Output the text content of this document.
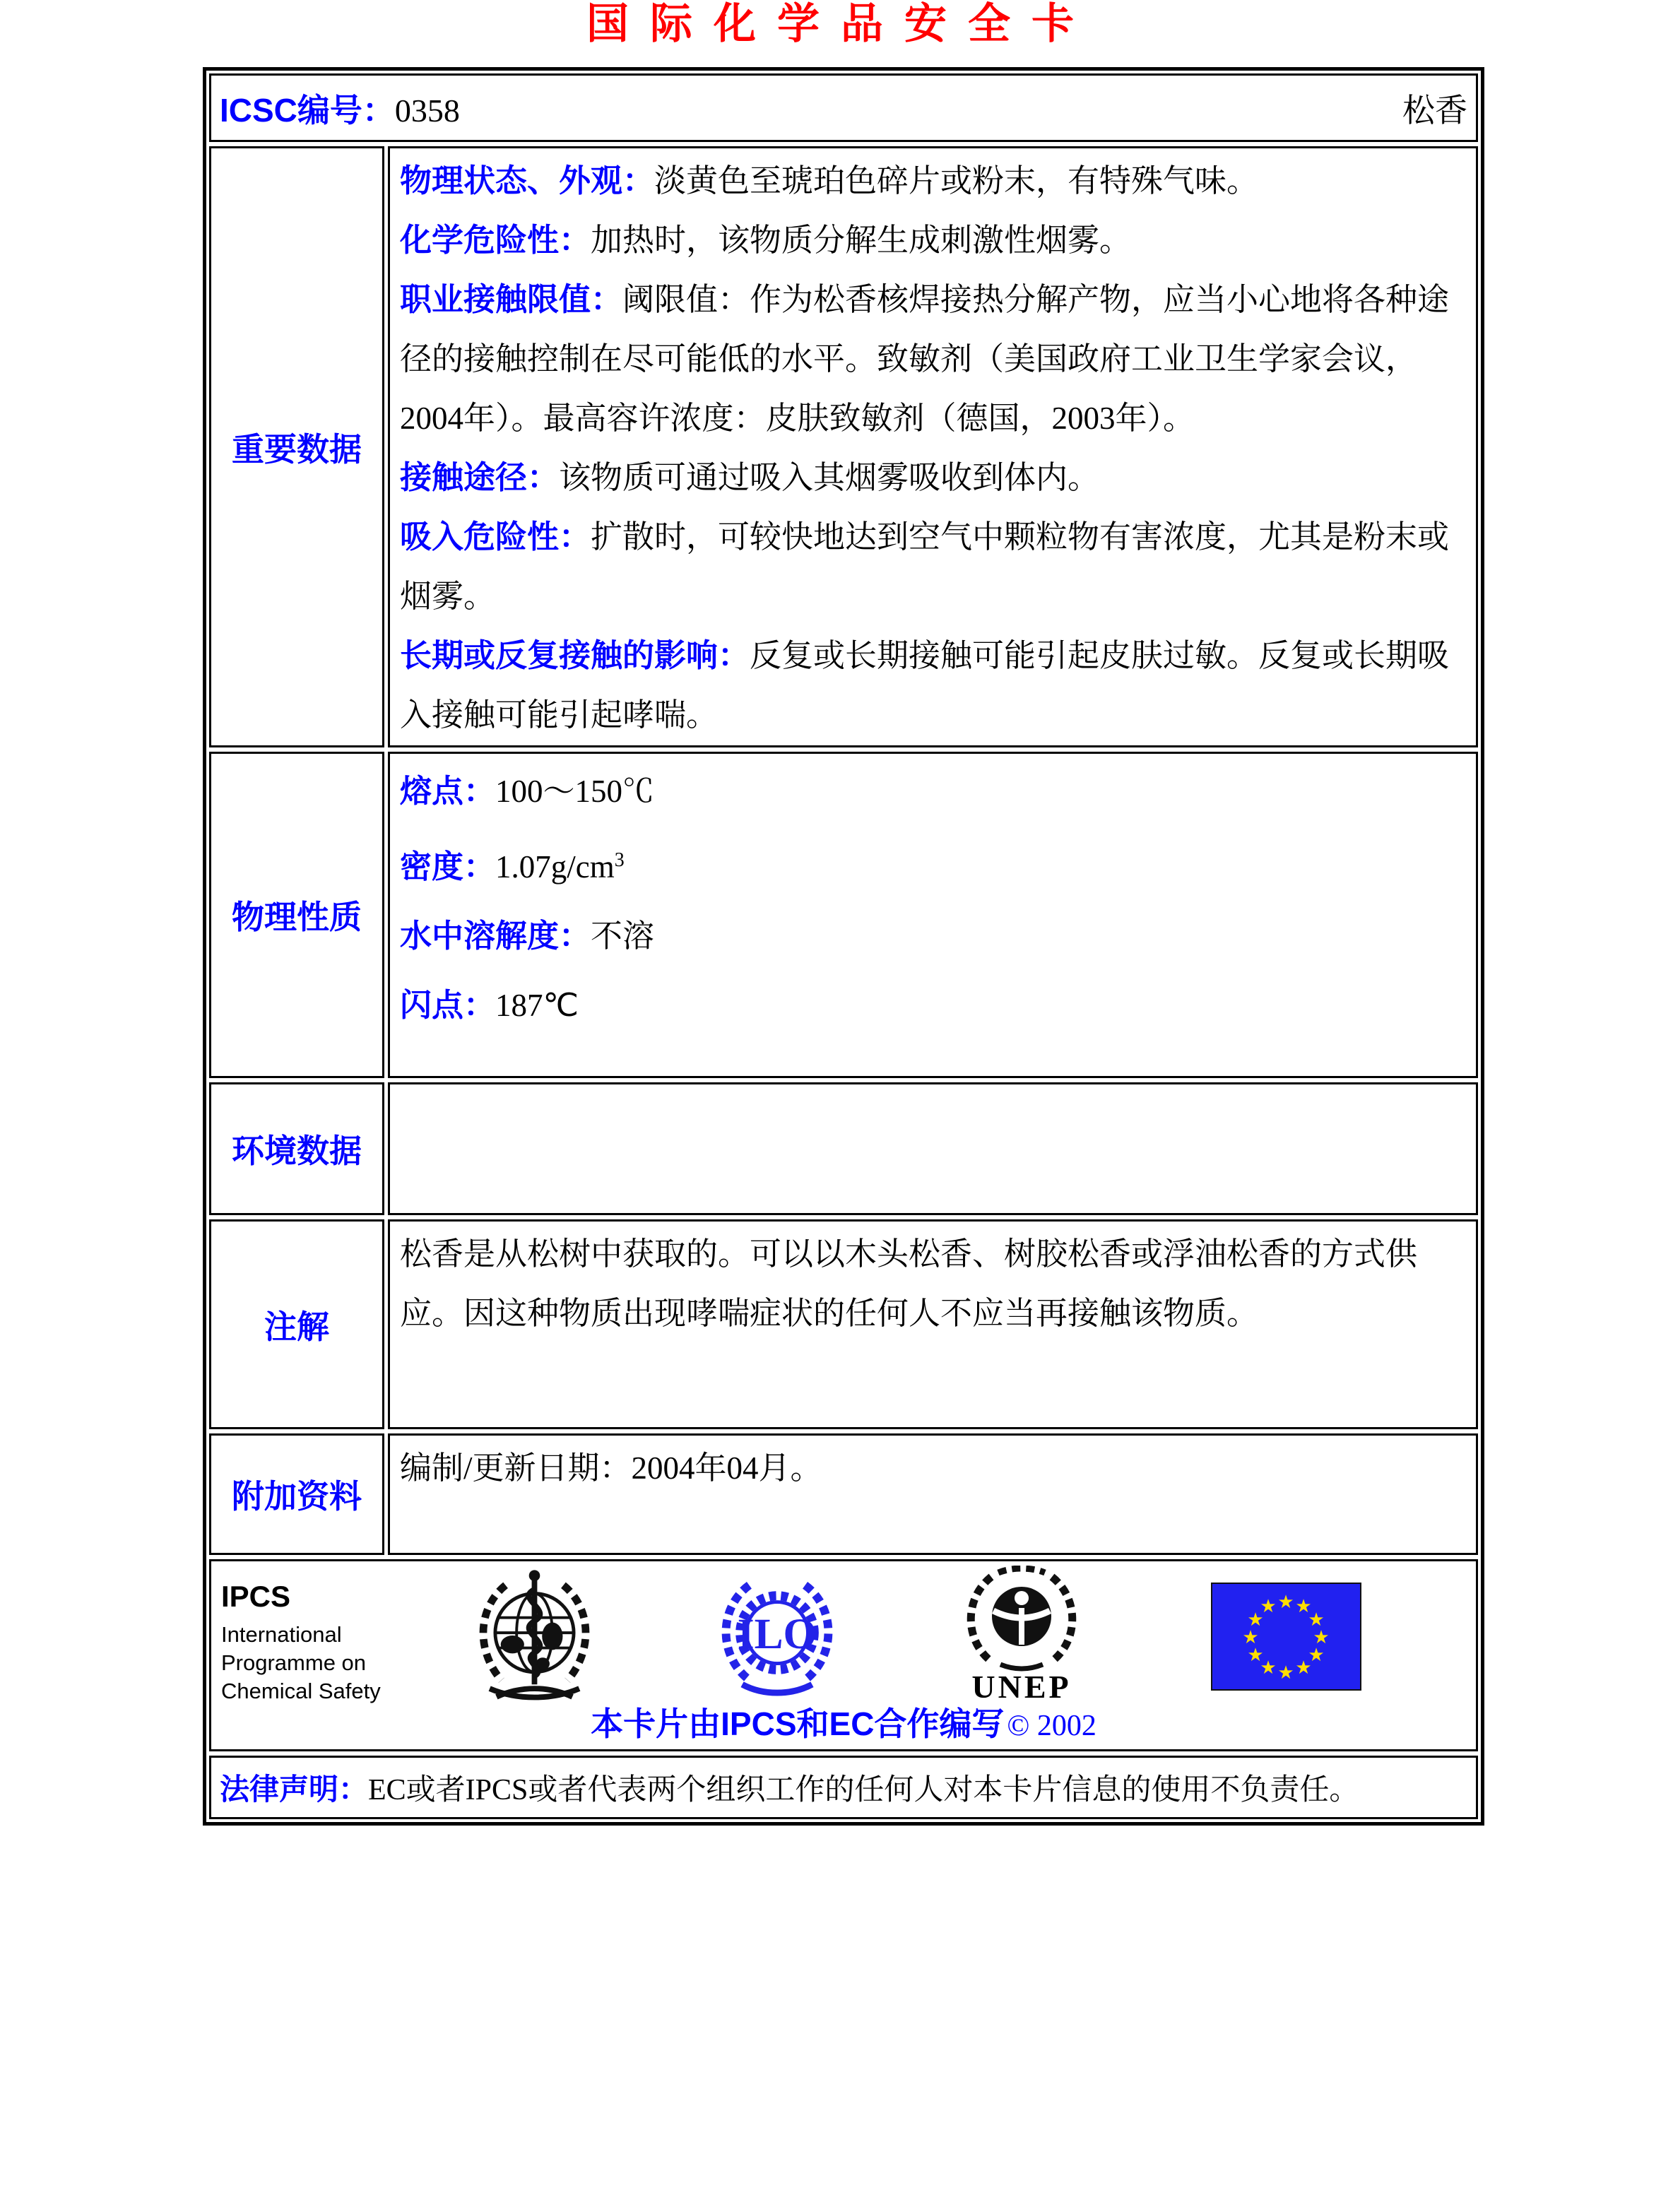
国际化学品安全卡
ICSC编号：0358	松香
重要数据

物理状态、外观：淡黄色至琥珀色碎片或粉末，有特殊气味。

化学危险性：加热时，该物质分解生成刺激性烟雾。

职业接触限值：阈限值：作为松香核焊接热分解产物，应当小心地将各种途径的接触控制在尽可能低的水平。致敏剂（美国政府工业卫生学家会议，2004年）。最高容许浓度：皮肤致敏剂（德国，2003年）。

接触途径：该物质可通过吸入其烟雾吸收到体内。

吸入危险性：扩散时，可较快地达到空气中颗粒物有害浓度，尤其是粉末或烟雾。

长期或反复接触的影响：反复或长期接触可能引起皮肤过敏。反复或长期吸入接触可能引起哮喘。

物理性质

熔点：100～150℃

密度：$1.07g/cm^3$

水中溶解度：不溶

闪点：187℃

环境数据
注解

松香是从松树中获取的。可以以木头松香、树胶松香或浮油松香的方式供应。因这种物质出现哮喘症状的任何人不应当再接触该物质。

附加资料

编制/更新日期：2004年04月。

IPCS

International

Programme on

Chemical Safety

ILO
UNEP
★ ★
★
★
★
★
★
★
★
★
★
★
本卡片由IPCS和EC合作编写 © 2002
法律声明：EC或者IPCS或者代表两个组织工作的任何人对本卡片信息的使用不负责任。
